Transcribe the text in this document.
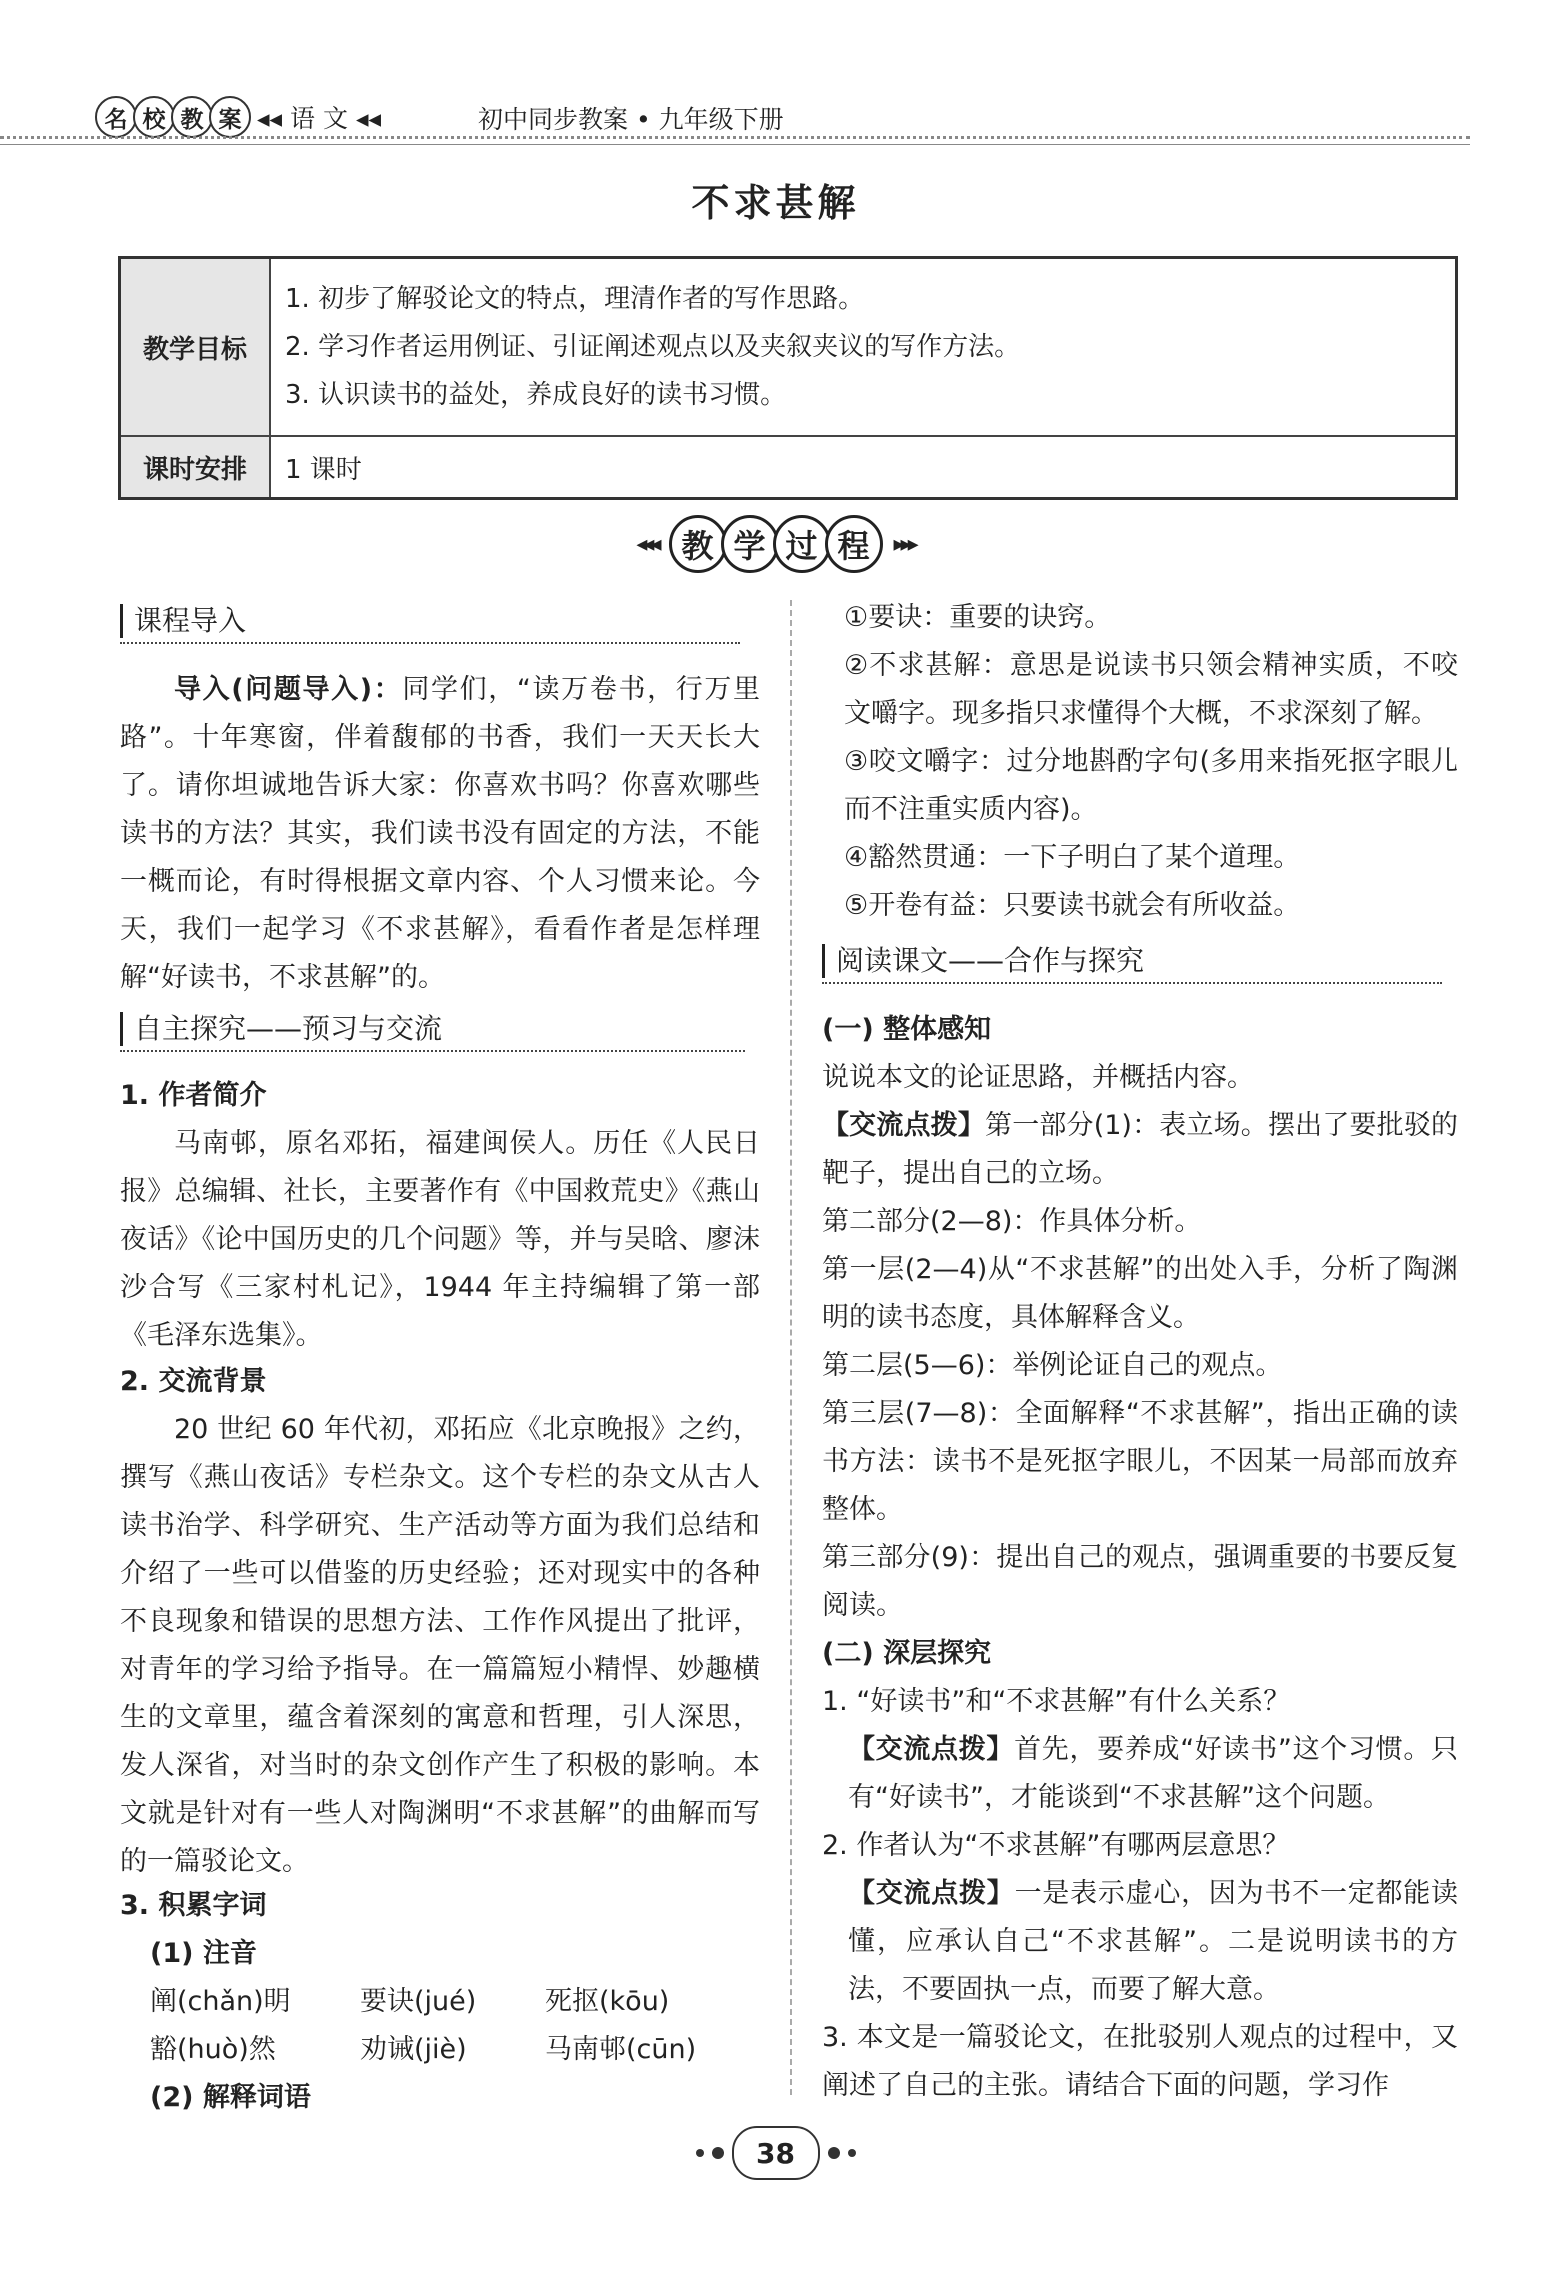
名 校 教 案 ◂◂ 语 文 ◂◂	初中同步教案 • 九年级下册
不求甚解
教学目标	1. 初步了解驳论文的特点，理清作者的写作思路。
2. 学习作者运用例证、引证阐述观点以及夹叙夹议的写作方法。
3. 认识读书的益处，养成良好的读书习惯。

课时安排	1 课时
◂◂◂ 教 学 过 程	▸▸▸
课程导入
导入(问题导入)：同学们，“读万卷书，行万里路”。十年寒窗，伴着馥郁的书香，我们一天天长大了。请你坦诚地告诉大家：你喜欢书吗？你喜欢哪些读书的方法？其实，我们读书没有固定的方法，不能一概而论，有时得根据文章内容、个人习惯来论。今天，我们一起学习《不求甚解》，看看作者是怎样理解“好读书，不求甚解”的。
自主探究——预习与交流
1. 作者简介
马南邨，原名邓拓，福建闽侯人。历任《人民日报》总编辑、社长，主要著作有《中国救荒史》《燕山夜话》《论中国历史的几个问题》等，并与吴晗、廖沫沙合写《三家村札记》，1944 年主持编辑了第一部《毛泽东选集》。
2. 交流背景
20 世纪 60 年代初，邓拓应《北京晚报》之约，撰写《燕山夜话》专栏杂文。这个专栏的杂文从古人读书治学、科学研究、生产活动等方面为我们总结和介绍了一些可以借鉴的历史经验；还对现实中的各种不良现象和错误的思想方法、工作作风提出了批评，对青年的学习给予指导。在一篇篇短小精悍、妙趣横生的文章里，蕴含着深刻的寓意和哲理，引人深思，发人深省，对当时的杂文创作产生了积极的影响。本文就是针对有一些人对陶渊明“不求甚解”的曲解而写的一篇驳论文。
3. 积累字词
(1) 注音
阐(chǎn)明	要诀(jué)	死抠(kōu)
豁(huò)然	劝诫(jiè)	马南邨(cūn)
(2) 解释词语
①要诀：重要的诀窍。
②不求甚解：意思是说读书只领会精神实质，不咬文嚼字。现多指只求懂得个大概，不求深刻了解。
③咬文嚼字：过分地斟酌字句(多用来指死抠字眼儿而不注重实质内容)。
④豁然贯通：一下子明白了某个道理。
⑤开卷有益：只要读书就会有所收益。
阅读课文——合作与探究
(一) 整体感知
说说本文的论证思路，并概括内容。
【交流点拨】第一部分(1)：表立场。摆出了要批驳的靶子，提出自己的立场。
第二部分(2—8)：作具体分析。
第一层(2—4)从“不求甚解”的出处入手，分析了陶渊明的读书态度，具体解释含义。
第二层(5—6)：举例论证自己的观点。
第三层(7—8)：全面解释“不求甚解”，指出正确的读书方法：读书不是死抠字眼儿，不因某一局部而放弃整体。
第三部分(9)：提出自己的观点，强调重要的书要反复阅读。
(二) 深层探究
1. “好读书”和“不求甚解”有什么关系？
【交流点拨】首先，要养成“好读书”这个习惯。只有“好读书”，才能谈到“不求甚解”这个问题。
2. 作者认为“不求甚解”有哪两层意思？
【交流点拨】一是表示虚心，因为书不一定都能读懂，应承认自己“不求甚解”。二是说明读书的方法，不要固执一点，而要了解大意。
3. 本文是一篇驳论文，在批驳别人观点的过程中，又阐述了自己的主张。请结合下面的问题，学习作
38
